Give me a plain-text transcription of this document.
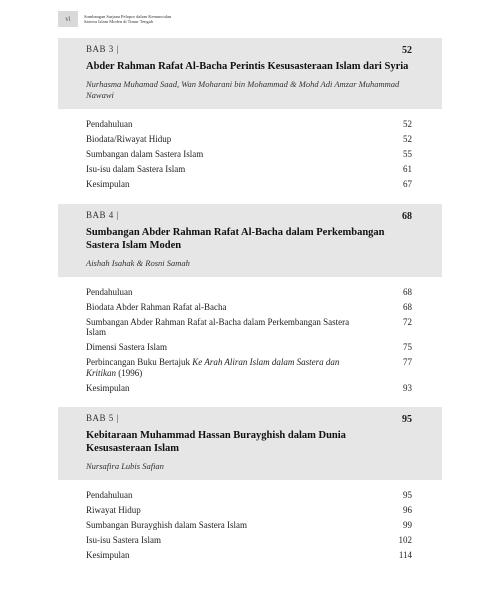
vi	Sumbangan Sarjana Pelopor dalam Kemunculan
Sastera Islam Moden di Timur Tengah
BAB 3 |	52
Abder Rahman Rafat Al-Bacha Perintis Kesusasteraan Islam dari Syria
Nurhasma Muhamad Saad, Wan Moharani bin Mohammad & Mohd Adi Amzar Muhammad Nawawi
Pendahuluan	52
Biodata/Riwayat Hidup	52
Sumbangan dalam Sastera Islam	55
Isu-isu dalam Sastera Islam	61
Kesimpulan	67
BAB 4 |	68
Sumbangan Abder Rahman Rafat Al-Bacha dalam Perkembangan Sastera Islam Moden
Aishah Isahak & Rosni Samah
Pendahuluan	68
Biodata Abder Rahman Rafat al-Bacha	68
Sumbangan Abder Rahman Rafat al-Bacha dalam Perkembangan Sastera Islam
72
Dimensi Sastera Islam	75
Perbincangan Buku Bertajuk Ke Arah Aliran Islam dalam Sastera dan Kritikan (1996)
77
Kesimpulan	93
BAB 5 |	95
Kebitaraan Muhammad Hassan Burayghish dalam Dunia Kesusasteraan Islam
Nursafira Lubis Safian
Pendahuluan	95
Riwayat Hidup	96
Sumbangan Burayghish dalam Sastera Islam	99
Isu-isu Sastera Islam	102
Kesimpulan	114
